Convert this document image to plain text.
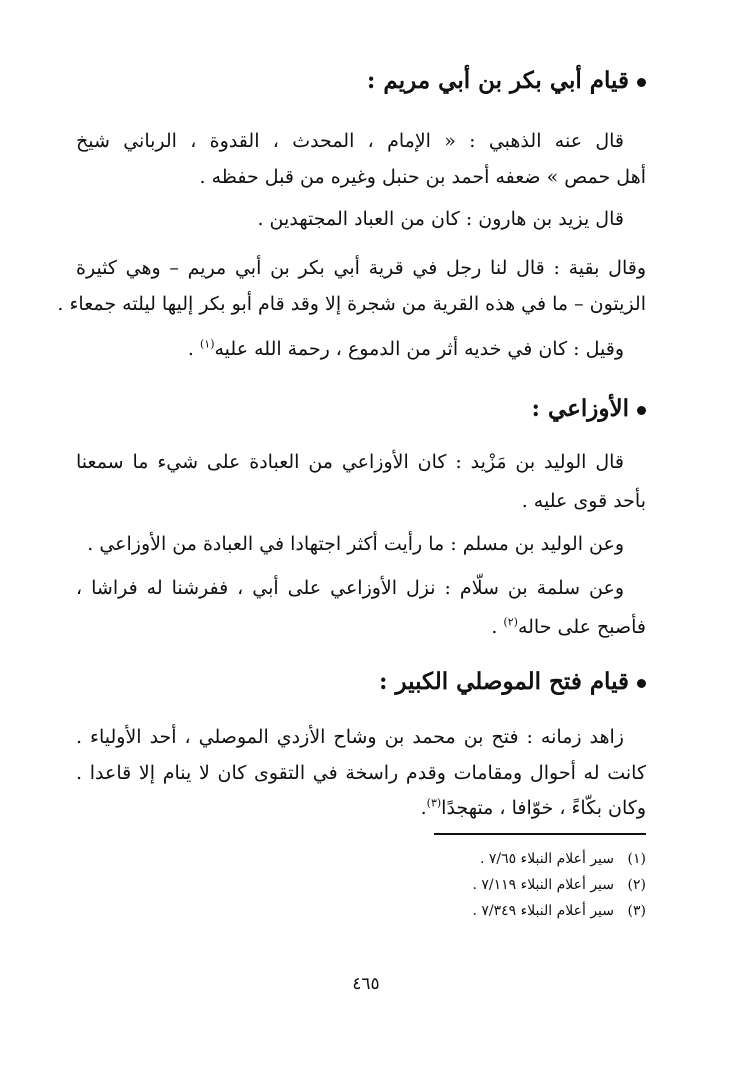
قيام أبي بكر بن أبي مريم :
قال عنه الذهبي : « الإمام ، المحدث ، القدوة ، الرباني شيخ
أهل حمص » ضعفه أحمد بن حنبل وغيره من قبل حفظه .
قال يزيد بن هارون : كان من العباد المجتهدين .
وقال بقية : قال لنا رجل في قرية أبي بكر بن أبي مريم – وهي كثيرة
الزيتون – ما في هذه القرية من شجرة إلا وقد قام أبو بكر إليها ليلته جمعاء .
وقيل : كان في خديه أثر من الدموع ، رحمة الله عليه$^{(١)}$ .
الأوزاعي :
قال الوليد بن مَزْيد : كان الأوزاعي من العبادة على شيء ما سمعنا
بأحد قوى عليه .
وعن الوليد بن مسلم : ما رأيت أكثر اجتهادا في العبادة من الأوزاعي .
وعن سلمة بن سلّام : نزل الأوزاعي على أبي ، ففرشنا له فراشا ،
فأصبح على حاله$^{(٢)}$ .
قيام فتح الموصلي الكبير :
زاهد زمانه : فتح بن محمد بن وشاح الأزدي الموصلي ، أحد الأولياء .
كانت له أحوال ومقامات وقدم راسخة في التقوى كان لا ينام إلا قاعدا .
وكان بكّاءً ، خوّافا ، متهجدًا$^{(٣)}$.
(١)سير أعلام النبلاء ٧/٦٥ .
(٢)سير أعلام النبلاء ٧/١١٩ .
(٣)سير أعلام النبلاء ٧/٣٤٩ .
٤٦٥
